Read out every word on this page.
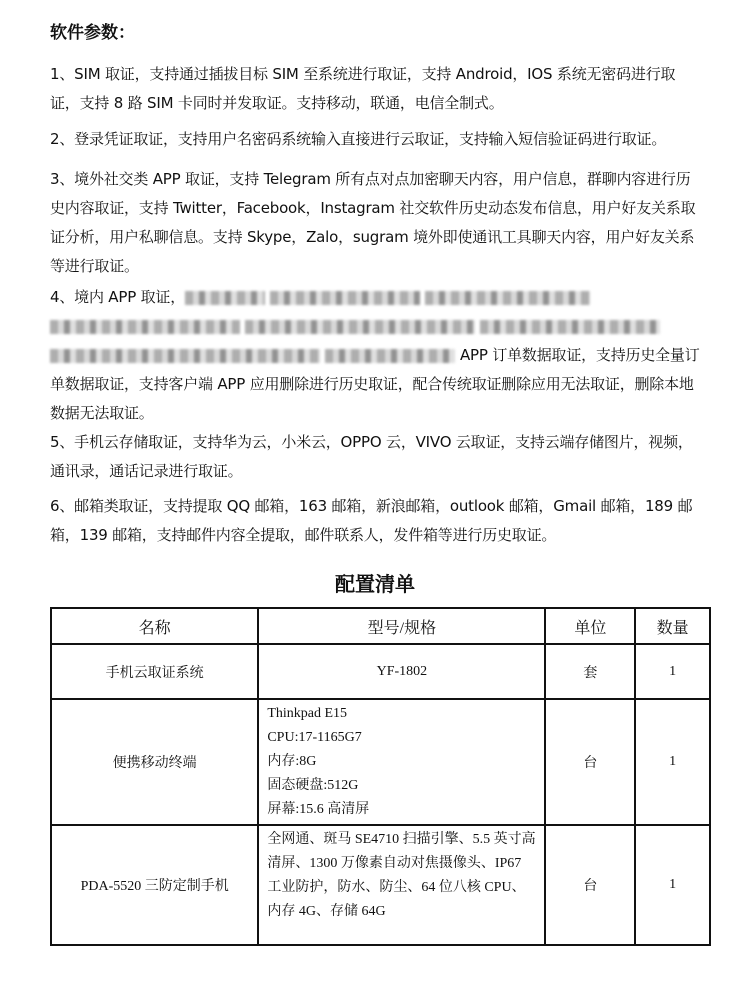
软件参数：
1、SIM 取证，支持通过插拔目标 SIM 至系统进行取证，支持 Android，IOS 系统无密码进行取证，支持 8 路 SIM 卡同时并发取证。支持移动，联通，电信全制式。
2、登录凭证取证，支持用户名密码系统输入直接进行云取证，支持输入短信验证码进行取证。
3、境外社交类 APP 取证，支持 Telegram 所有点对点加密聊天内容，用户信息，群聊内容进行历史内容取证，支持 Twitter，Facebook，Instagram 社交软件历史动态发布信息，用户好友关系取证分析，用户私聊信息。支持 Skype，Zalo，sugram 境外即使通讯工具聊天内容，用户好友关系等进行取证。
4、境内 APP 取证，APP 订单数据取证，支持历史全量订单数据取证，支持客户端 APP 应用删除进行历史取证，配合传统取证删除应用无法取证，删除本地数据无法取证。
5、手机云存储取证，支持华为云，小米云，OPPO 云，VIVO 云取证，支持云端存储图片，视频，通讯录，通话记录进行取证。
6、邮箱类取证，支持提取 QQ 邮箱，163 邮箱，新浪邮箱，outlook 邮箱，Gmail 邮箱，189 邮箱，139 邮箱，支持邮件内容全提取，邮件联系人，发件箱等进行历史取证。
配置清单
名称	型号/规格	单位	数量
手机云取证系统	YF-1802	套	1
便携移动终端	Thinkpad E15
CPU:17-1165G7
内存:8G
固态硬盘:512G
屏幕:15.6 高清屏	台	1
PDA-5520 三防定制手机	全网通、斑马 SE4710 扫描引擎、5.5 英寸高清屏、1300 万像素自动对焦摄像头、IP67 工业防护，防水、防尘、64 位八核 CPU、内存 4G、存储 64G	台	1
